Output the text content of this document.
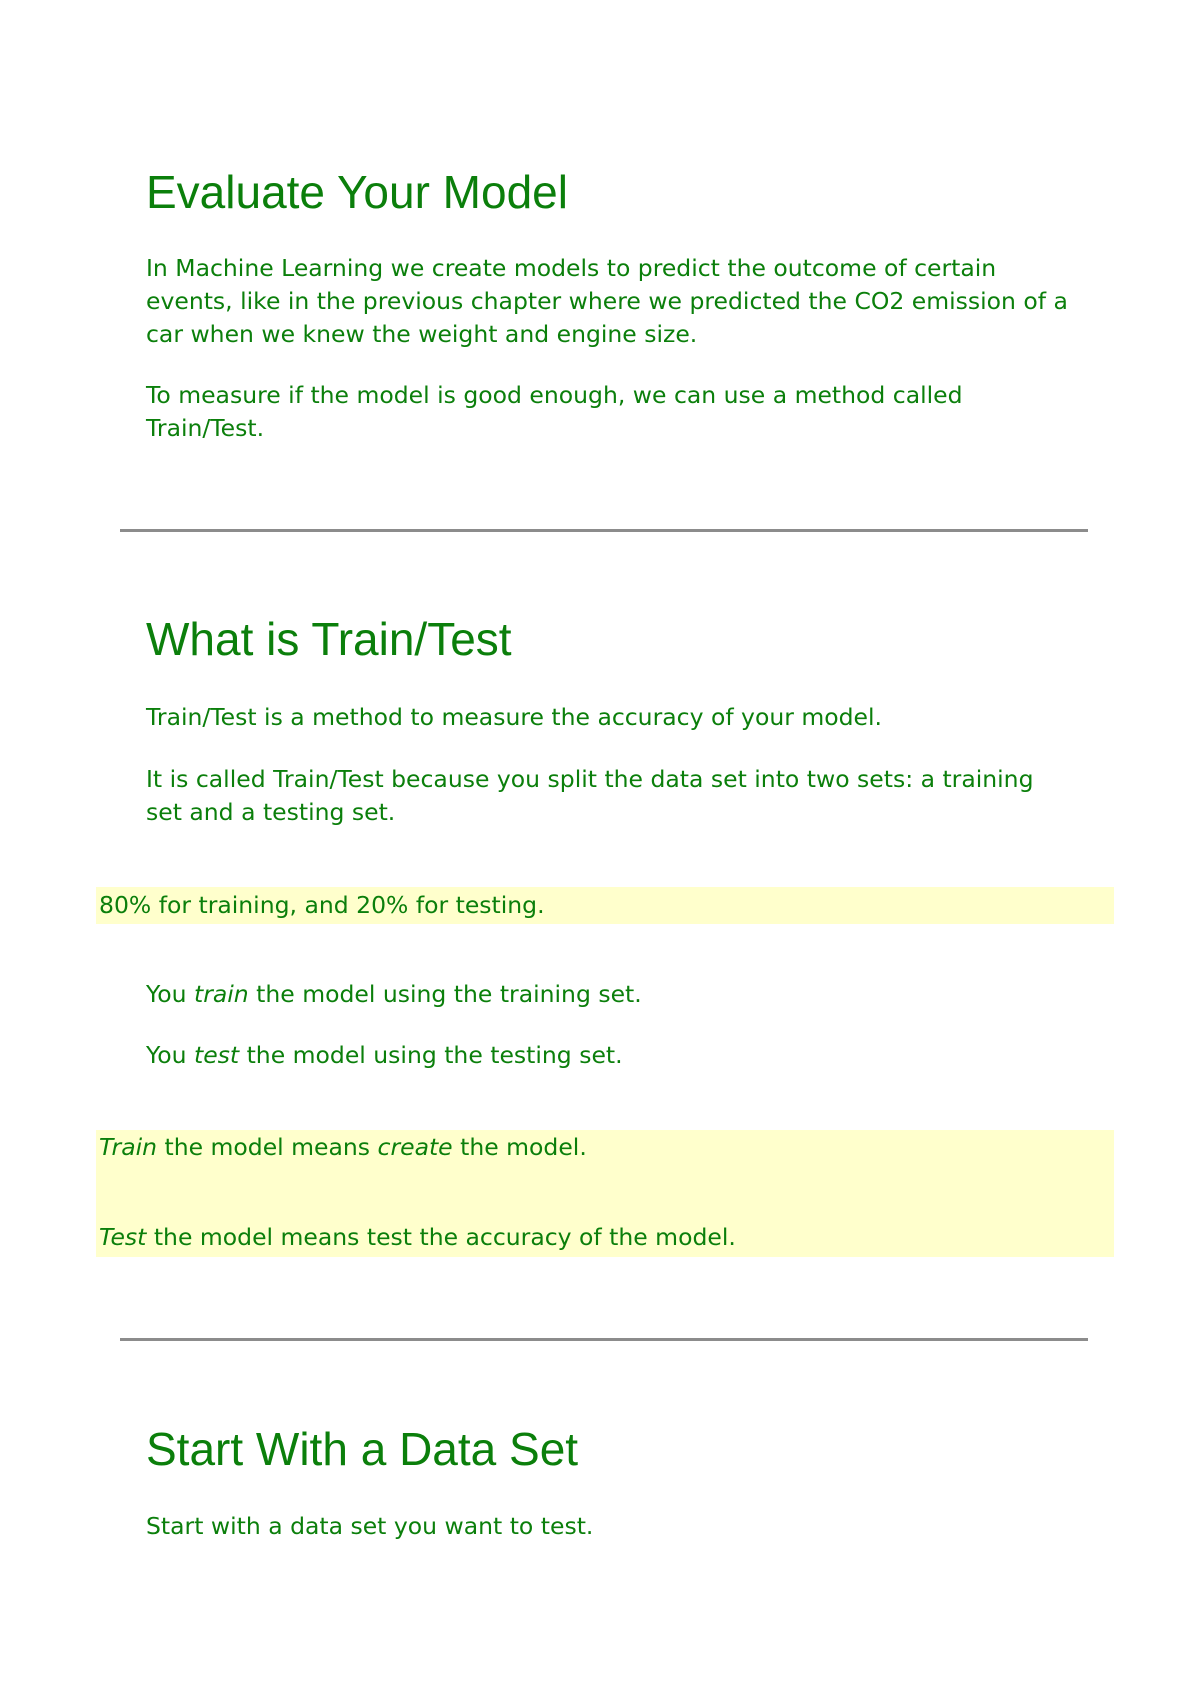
Evaluate Your Model

In Machine Learning we create models to predict the outcome of certain events, like in the previous chapter where we predicted the CO2 emission of a car when we knew the weight and engine size.

To measure if the model is good enough, we can use a method called Train/Test.

What is Train/Test

Train/Test is a method to measure the accuracy of your model.

It is called Train/Test because you split the data set into two sets: a training set and a testing set.

80% for training, and 20% for testing.

You train the model using the training set.

You test the model using the testing set.

Train the model means create the model.
Test the model means test the accuracy of the model.
Start With a Data Set

Start with a data set you want to test.
